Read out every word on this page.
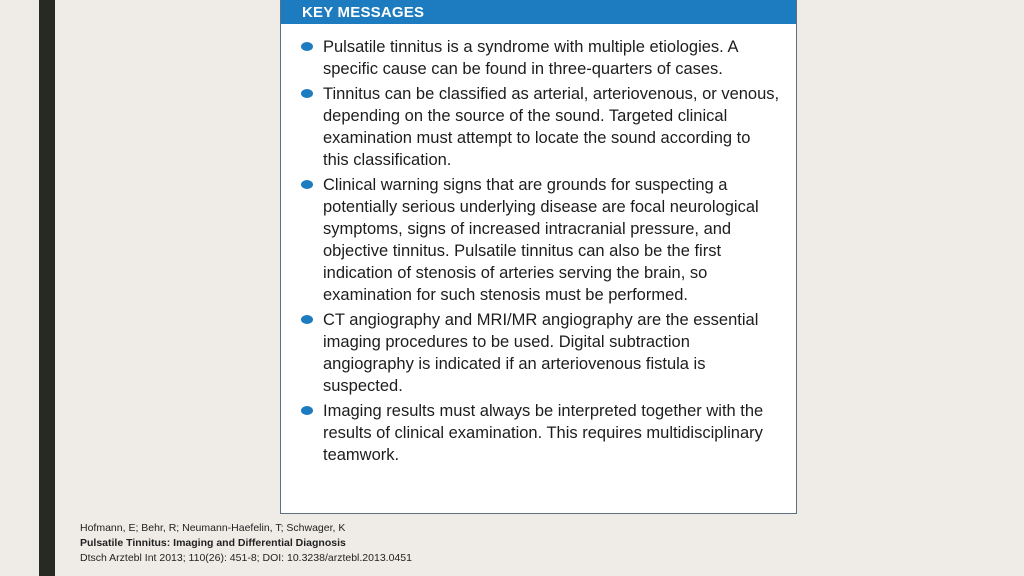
KEY MESSAGES
Pulsatile tinnitus is a syndrome with multiple etiologies. A specific cause can be found in three-quarters of cases.
Tinnitus can be classified as arterial, arteriovenous, or venous, depending on the source of the sound. Targeted clinical examination must attempt to locate the sound according to this classification.
Clinical warning signs that are grounds for suspecting a potentially serious underlying disease are focal neurological symptoms, signs of increased intracranial pressure, and objective tinnitus. Pulsatile tinnitus can also be the first indication of stenosis of arteries serving the brain, so examination for such stenosis must be performed.
CT angiography and MRI/MR angiography are the essential imaging procedures to be used. Digital subtraction angiography is indicated if an arteriovenous fistula is suspected.
Imaging results must always be interpreted together with the results of clinical examination. This requires multidisciplinary teamwork.
Hofmann, E; Behr, R; Neumann-Haefelin, T; Schwager, K
Pulsatile Tinnitus: Imaging and Differential Diagnosis
Dtsch Arztebl Int 2013; 110(26): 451-8; DOI: 10.3238/arztebl.2013.0451
